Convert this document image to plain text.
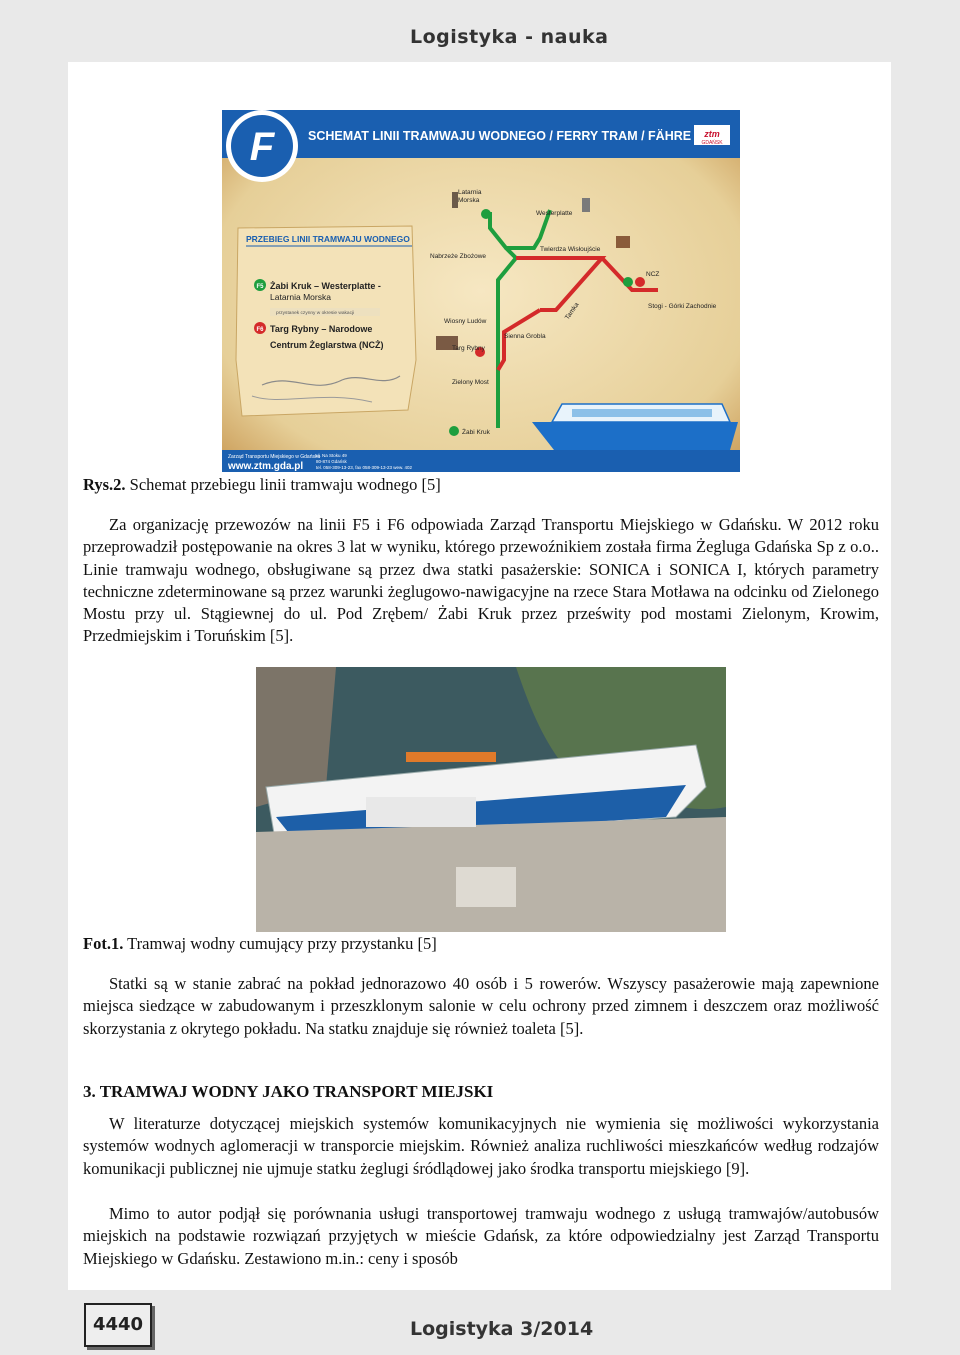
Logistyka - nauka
F	SCHEMAT LINII TRAMWAJU WODNEGO / FERRY TRAM / FÄHRE ztm
GDAŃSK
PRZEBIEG LINII TRAMWAJU WODNEGO
F5 Żabi Kruk – Westerplatte -
Latarnia Morska
przystanek czynny w okresie wakacji
F6 Targ Rybny – Narodowe
Centrum Żeglarstwa (NCŻ)
Latarnia
Morska
Westerplatte
Twierdza Wisłoujście
Nabrzeże Zbożowe
NCZ
Stogi - Górki Zachodnie
Tamka
Wiosny Ludów
Sienna Grobla
Targ Rybny
Zielony Most
Żabi Kruk
Zarząd Transportu Miejskiego w Gdańsku
www.ztm.gda.pl
ul. Na Stoku 49
80-874 Gdańsk
tel. 058-309-13-23, fax 058-309-13-23 wew. 402
Rys.2. Schemat przebiegu linii tramwaju wodnego [5]

Za organizację przewozów na linii F5 i F6 odpowiada Zarząd Transportu Miejskiego w Gdańsku. W 2012 roku przeprowadził postępowanie na okres 3 lat w wyniku, którego przewoźnikiem została firma Żegluga Gdańska Sp z o.o.. Linie tramwaju wodnego, obsługiwane są przez dwa statki pasażerskie: SONICA i SONICA I, których parametry techniczne zdeterminowane są przez warunki żeglugowo-nawigacyjne na rzece Stara Motława na odcinku od Zielonego Mostu przy ul. Stągiewnej do ul. Pod Zrębem/ Żabi Kruk przez prześwity pod mostami Zielonym, Krowim, Przedmiejskim i Toruńskim [5].

Fot.1. Tramwaj wodny cumujący przy przystanku [5]

Statki są w stanie zabrać na pokład jednorazowo 40 osób i 5 rowerów. Wszyscy pasażerowie mają zapewnione miejsca siedzące w zabudowanym i przeszklonym salonie w celu ochrony przed zimnem i deszczem oraz możliwość skorzystania z okrytego pokładu. Na statku znajduje się również toaleta [5].

3. TRAMWAJ WODNY JAKO TRANSPORT MIEJSKI

W literaturze dotyczącej miejskich systemów komunikacyjnych nie wymienia się możliwości wykorzystania systemów wodnych aglomeracji w transporcie miejskim. Również analiza ruchliwości mieszkańców według rodzajów komunikacji publicznej nie ujmuje statku żeglugi śródlądowej jako środka transportu miejskiego [9].

Mimo to autor podjął się porównania usługi transportowej tramwaju wodnego z usługą tramwajów/autobusów miejskich na podstawie rozwiązań przyjętych w mieście Gdańsk, za które odpowiedzialny jest Zarząd Transportu Miejskiego w Gdańsku. Zestawiono m.in.: ceny i sposób

4440	Logistyka 3/2014
